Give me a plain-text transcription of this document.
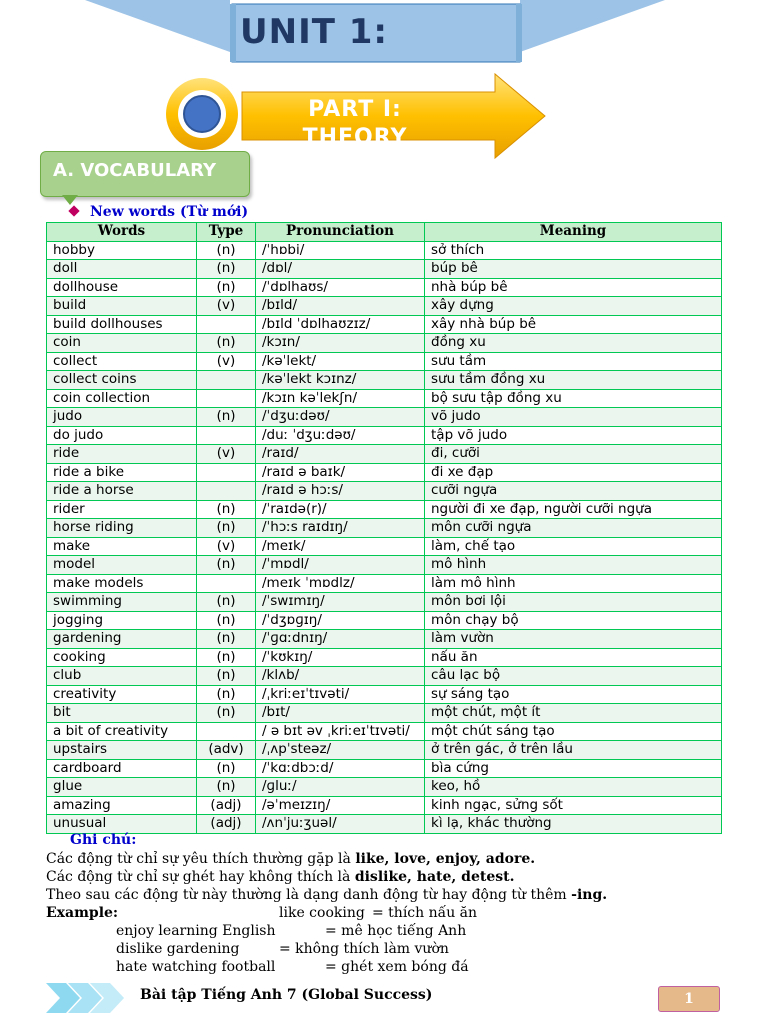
UNIT 1:
PART I: THEORY
A. VOCABULARY
New words (Từ mới)
Words	Type	Pronunciation	Meaning
hobby	(n)	/ˈhɒbi/	sở thích
doll	(n)	/dɒl/	búp bê
dollhouse	(n)	/ˈdɒlhaʊs/	nhà búp bê
build	(v)	/bɪld/	xây dựng
build dollhouses		/bɪld ˈdɒlhaʊzɪz/	xây nhà búp bê
coin	(n)	/kɔɪn/	đồng xu
collect	(v)	/kəˈlekt/	sưu tầm
collect coins		/kəˈlekt kɔɪnz/	sưu tầm đồng xu
coin collection		/kɔɪn kəˈlekʃn/	bộ sưu tập đồng xu
judo	(n)	/ˈdʒuːdəʊ/	võ judo
do judo		/duː ˈdʒuːdəʊ/	tập võ judo
ride	(v)	/raɪd/	đi, cưỡi
ride a bike		/raɪd ə baɪk/	đi xe đạp
ride a horse		/raɪd ə hɔːs/	cưỡi ngựa
rider	(n)	/ˈraɪdə(r)/	người đi xe đạp, người cưỡi ngựa
horse riding	(n)	/ˈhɔːs raɪdɪŋ/	môn cưỡi ngựa
make	(v)	/meɪk/	làm, chế tạo
model	(n)	/ˈmɒdl/	mô hình
make models		/meɪk ˈmɒdlz/	làm mô hình
swimming	(n)	/ˈswɪmɪŋ/	môn bơi lội
jogging	(n)	/ˈdʒɒɡɪŋ/	môn chạy bộ
gardening	(n)	/ˈɡɑːdnɪŋ/	làm vườn
cooking	(n)	/ˈkʊkɪŋ/	nấu ăn
club	(n)	/klʌb/	câu lạc bộ
creativity	(n)	/ˌkriːeɪˈtɪvəti/	sự sáng tạo
bit	(n)	/bɪt/	một chút, một ít
a bit of creativity		/ ə bɪt əv ˌkriːeɪˈtɪvəti/	một chút sáng tạo
upstairs	(adv)	/ˌʌpˈsteəz/	ở trên gác, ở trên lầu
cardboard	(n)	/ˈkɑːdbɔːd/	bìa cứng
glue	(n)	/ɡluː/	keo, hồ
amazing	(adj)	/əˈmeɪzɪŋ/	kinh ngạc, sửng sốt
unusual	(adj)	/ʌnˈjuːʒuəl/	kì lạ, khác thường
Ghi chú:
Các động từ chỉ sự yêu thích thường gặp là like, love, enjoy, adore.
Các động từ chỉ sự ghét hay không thích là dislike, hate, detest.
Theo sau các động từ này thường là dạng danh động từ hay động từ thêm -ing.
Example:	like cooking = thích nấu ăn
enjoy learning English	= mê học tiếng Anh
dislike gardening	= không thích làm vườn
hate watching football	= ghét xem bóng đá
Bài tập Tiếng Anh 7 (Global Success)	1
